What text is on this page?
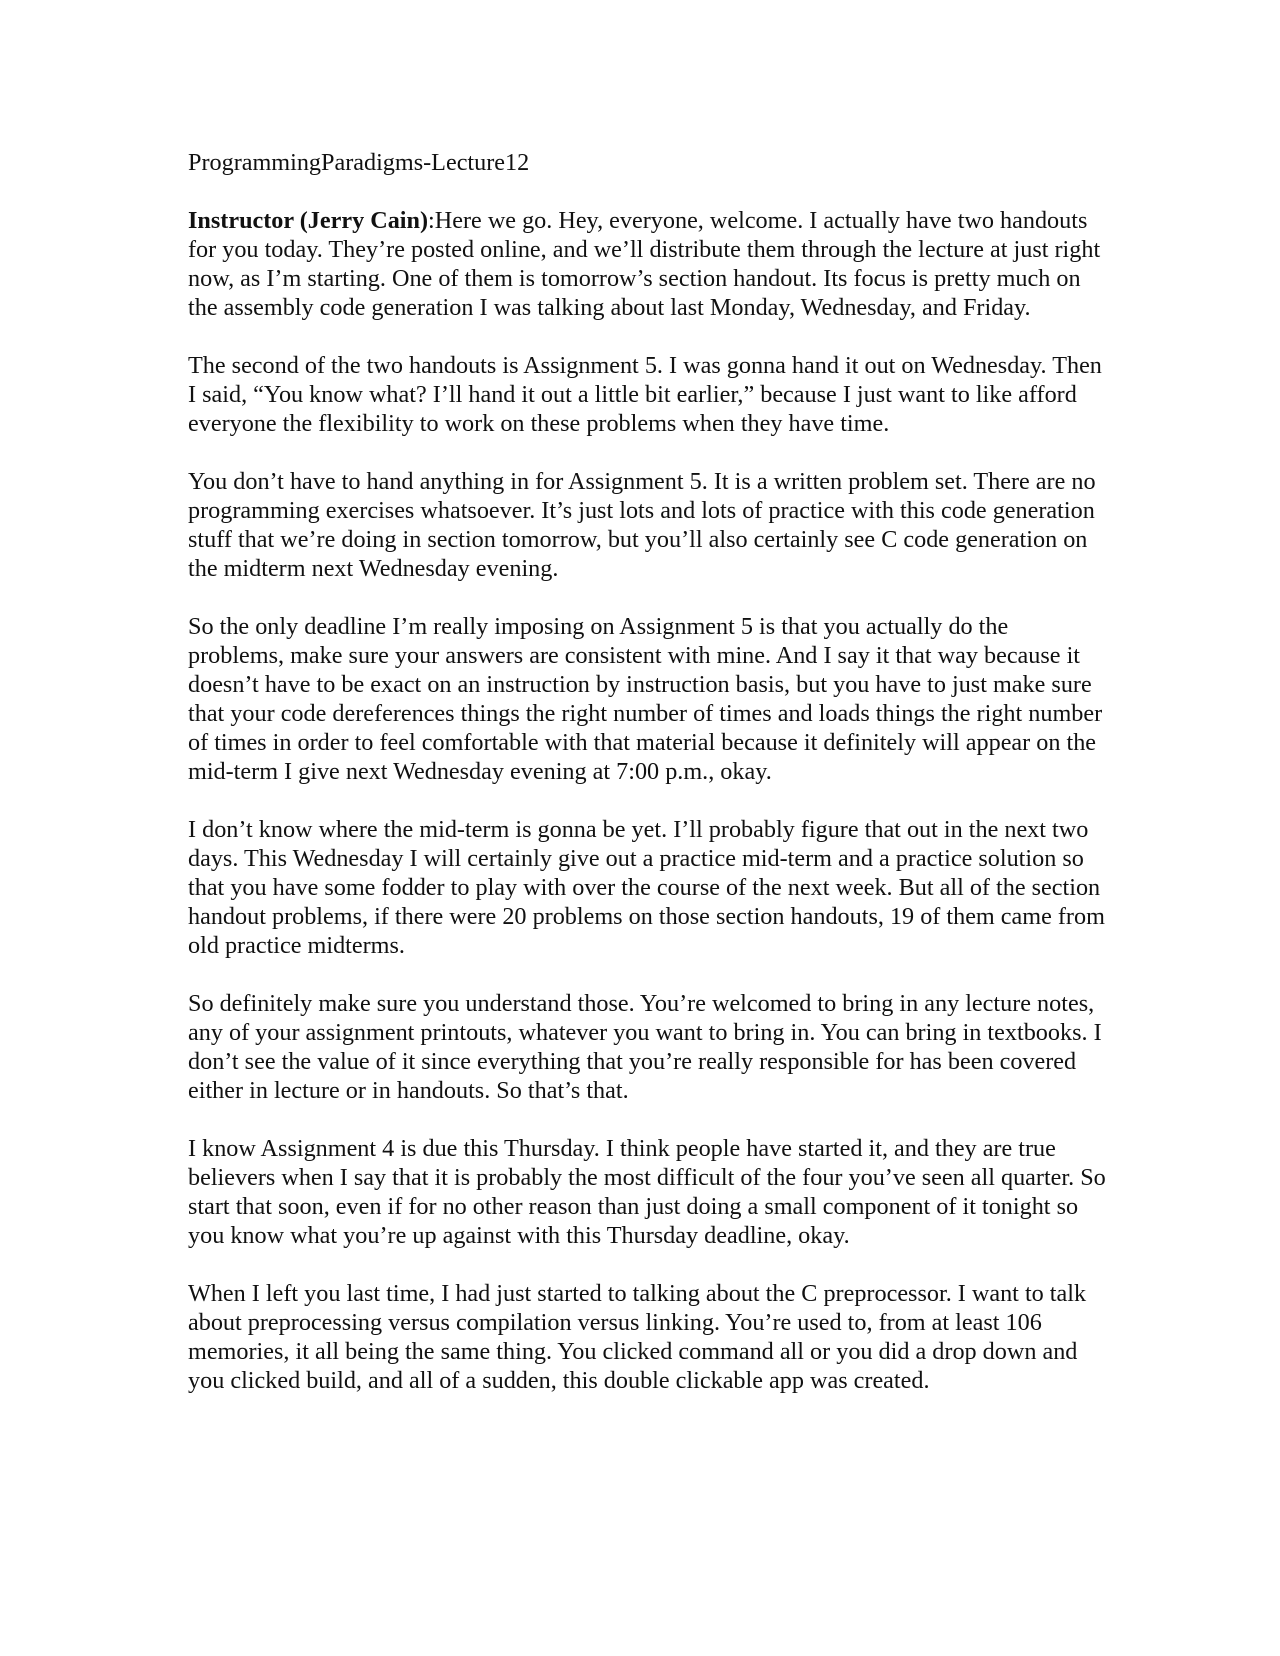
ProgrammingParadigms-Lecture12

Instructor (Jerry Cain):Here we go. Hey, everyone, welcome. I actually have two handouts for you today. They’re posted online, and we’ll distribute them through the lecture at just right now, as I’m starting. One of them is tomorrow’s section handout. Its focus is pretty much on the assembly code generation I was talking about last Monday, Wednesday, and Friday.

The second of the two handouts is Assignment 5. I was gonna hand it out on Wednesday. Then I said, “You know what? I’ll hand it out a little bit earlier,” because I just want to like afford everyone the flexibility to work on these problems when they have time.

You don’t have to hand anything in for Assignment 5. It is a written problem set. There are no programming exercises whatsoever. It’s just lots and lots of practice with this code generation stuff that we’re doing in section tomorrow, but you’ll also certainly see C code generation on the midterm next Wednesday evening.

So the only deadline I’m really imposing on Assignment 5 is that you actually do the problems, make sure your answers are consistent with mine. And I say it that way because it doesn’t have to be exact on an instruction by instruction basis, but you have to just make sure that your code dereferences things the right number of times and loads things the right number of times in order to feel comfortable with that material because it definitely will appear on the mid-term I give next Wednesday evening at 7:00 p.m., okay.

I don’t know where the mid-term is gonna be yet. I’ll probably figure that out in the next two days. This Wednesday I will certainly give out a practice mid-term and a practice solution so that you have some fodder to play with over the course of the next week. But all of the section handout problems, if there were 20 problems on those section handouts, 19 of them came from old practice midterms.

So definitely make sure you understand those. You’re welcomed to bring in any lecture notes, any of your assignment printouts, whatever you want to bring in. You can bring in textbooks. I don’t see the value of it since everything that you’re really responsible for has been covered either in lecture or in handouts. So that’s that.

I know Assignment 4 is due this Thursday. I think people have started it, and they are true believers when I say that it is probably the most difficult of the four you’ve seen all quarter. So start that soon, even if for no other reason than just doing a small component of it tonight so you know what you’re up against with this Thursday deadline, okay.

When I left you last time, I had just started to talking about the C preprocessor. I want to talk about preprocessing versus compilation versus linking. You’re used to, from at least 106 memories, it all being the same thing. You clicked command all or you did a drop down and you clicked build, and all of a sudden, this double clickable app was created.
